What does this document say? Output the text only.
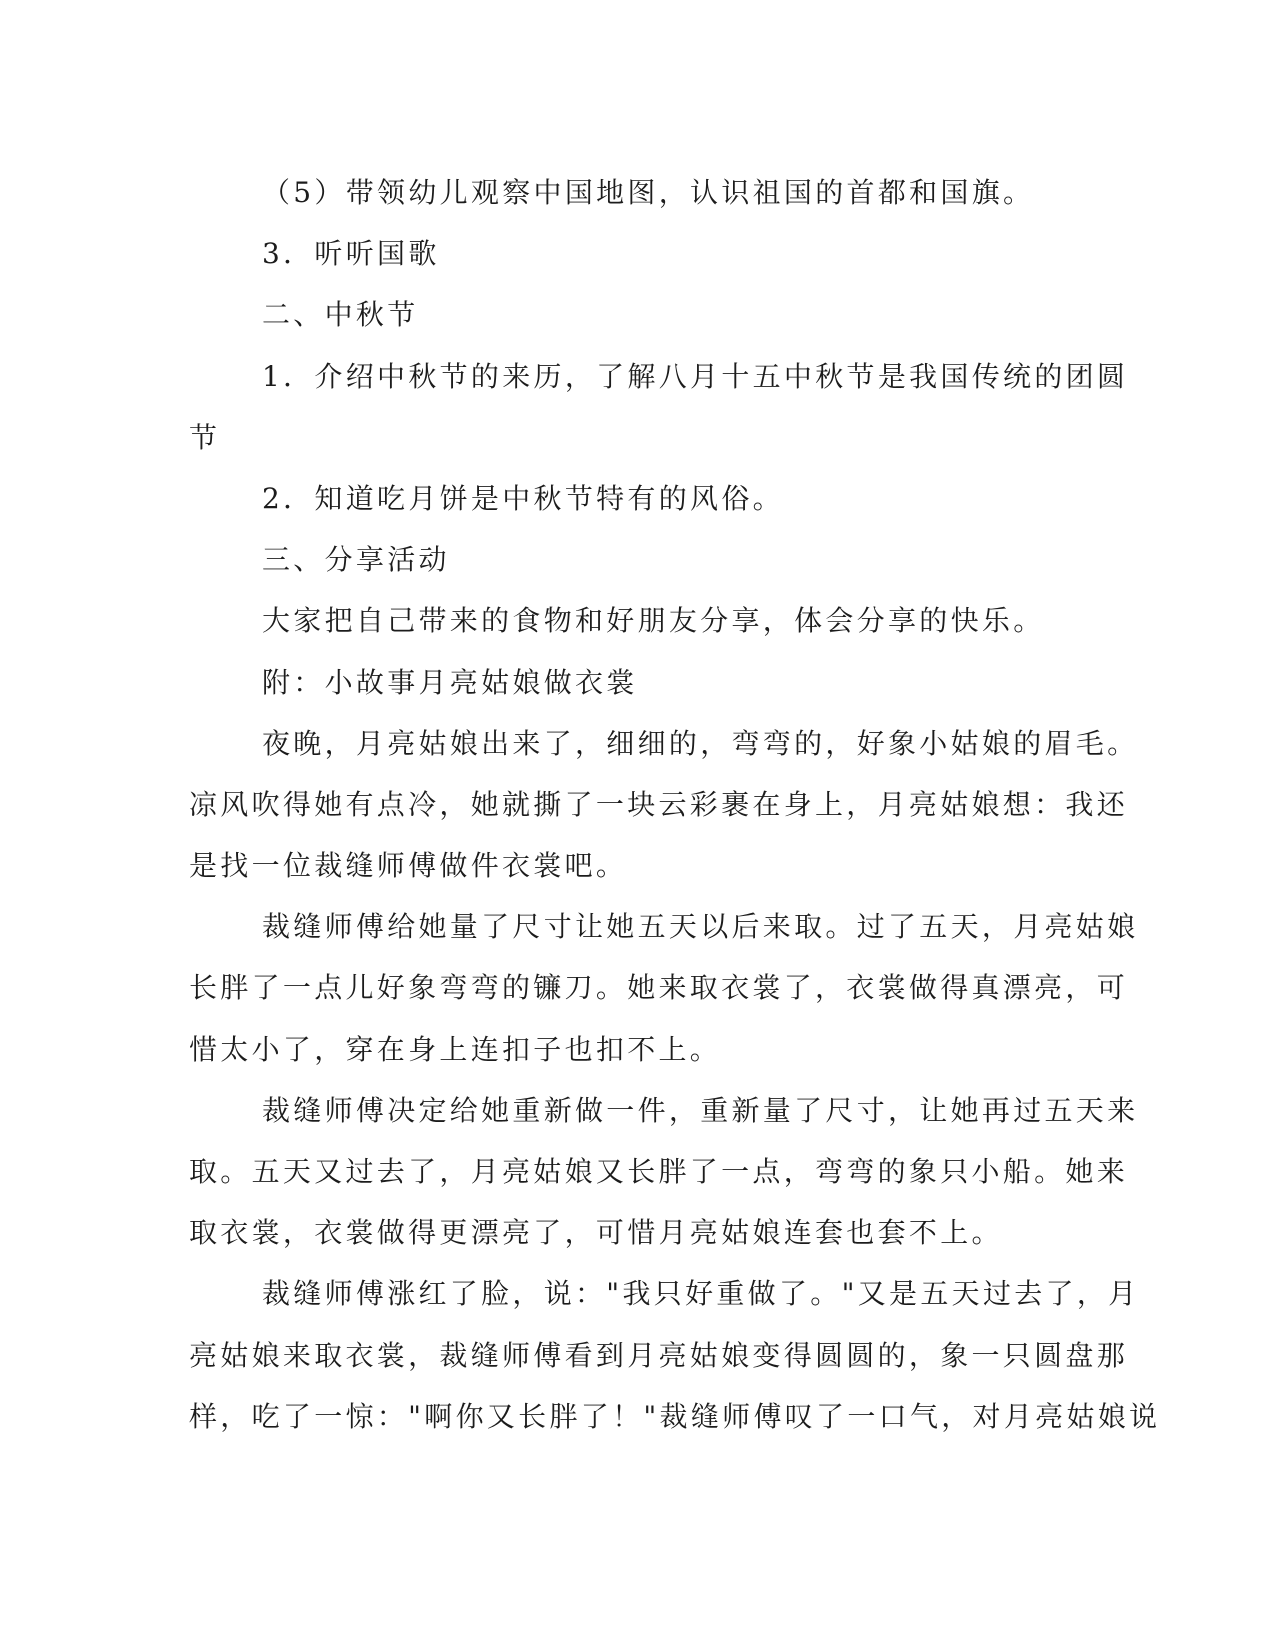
（5）带领幼儿观察中国地图，认识祖国的首都和国旗。
3．听听国歌
二、中秋节
1．介绍中秋节的来历，了解八月十五中秋节是我国传统的团圆
节
2．知道吃月饼是中秋节特有的风俗。
三、分享活动
大家把自己带来的食物和好朋友分享，体会分享的快乐。
附：小故事月亮姑娘做衣裳
夜晚，月亮姑娘出来了，细细的，弯弯的，好象小姑娘的眉毛。
凉风吹得她有点冷，她就撕了一块云彩裹在身上，月亮姑娘想：我还
是找一位裁缝师傅做件衣裳吧。
裁缝师傅给她量了尺寸让她五天以后来取。过了五天，月亮姑娘
长胖了一点儿好象弯弯的镰刀。她来取衣裳了，衣裳做得真漂亮，可
惜太小了，穿在身上连扣子也扣不上。
裁缝师傅决定给她重新做一件，重新量了尺寸，让她再过五天来
取。五天又过去了，月亮姑娘又长胖了一点，弯弯的象只小船。她来
取衣裳，衣裳做得更漂亮了，可惜月亮姑娘连套也套不上。
裁缝师傅涨红了脸，说："我只好重做了。"又是五天过去了，月
亮姑娘来取衣裳，裁缝师傅看到月亮姑娘变得圆圆的，象一只圆盘那
样，吃了一惊："啊你又长胖了！"裁缝师傅叹了一口气，对月亮姑娘说
